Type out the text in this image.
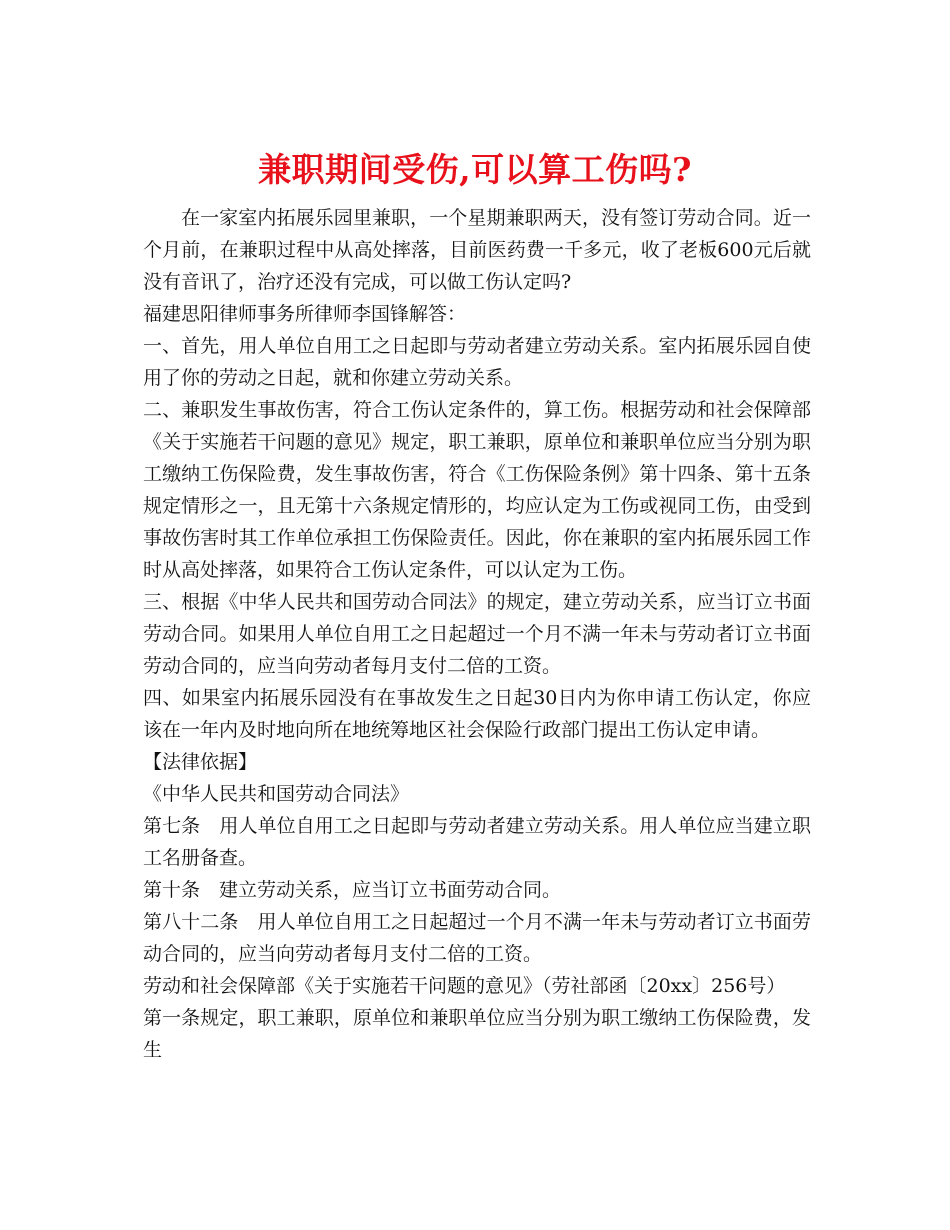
兼职期间受伤,可以算工伤吗?

在一家室内拓展乐园里兼职，一个星期兼职两天，没有签订劳动合同。近一个月前，在兼职过程中从高处摔落，目前医药费一千多元，收了老板600元后就没有音讯了，治疗还没有完成，可以做工伤认定吗?

福建思阳律师事务所律师李国锋解答：

一、首先，用人单位自用工之日起即与劳动者建立劳动关系。室内拓展乐园自使用了你的劳动之日起，就和你建立劳动关系。

二、兼职发生事故伤害，符合工伤认定条件的，算工伤。根据劳动和社会保障部《关于实施若干问题的意见》规定，职工兼职，原单位和兼职单位应当分别为职工缴纳工伤保险费，发生事故伤害，符合《工伤保险条例》第十四条、第十五条规定情形之一，且无第十六条规定情形的，均应认定为工伤或视同工伤，由受到事故伤害时其工作单位承担工伤保险责任。因此，你在兼职的室内拓展乐园工作时从高处摔落，如果符合工伤认定条件，可以认定为工伤。

三、根据《中华人民共和国劳动合同法》的规定，建立劳动关系，应当订立书面劳动合同。如果用人单位自用工之日起超过一个月不满一年未与劳动者订立书面劳动合同的，应当向劳动者每月支付二倍的工资。

四、如果室内拓展乐园没有在事故发生之日起30日内为你申请工伤认定，你应该在一年内及时地向所在地统筹地区社会保险行政部门提出工伤认定申请。

【法律依据】

《中华人民共和国劳动合同法》

第七条　用人单位自用工之日起即与劳动者建立劳动关系。用人单位应当建立职工名册备查。

第十条　建立劳动关系，应当订立书面劳动合同。

第八十二条　用人单位自用工之日起超过一个月不满一年未与劳动者订立书面劳动合同的，应当向劳动者每月支付二倍的工资。

劳动和社会保障部《关于实施若干问题的意见》（劳社部函〔20xx〕256号）

第一条规定，职工兼职，原单位和兼职单位应当分别为职工缴纳工伤保险费，发生
